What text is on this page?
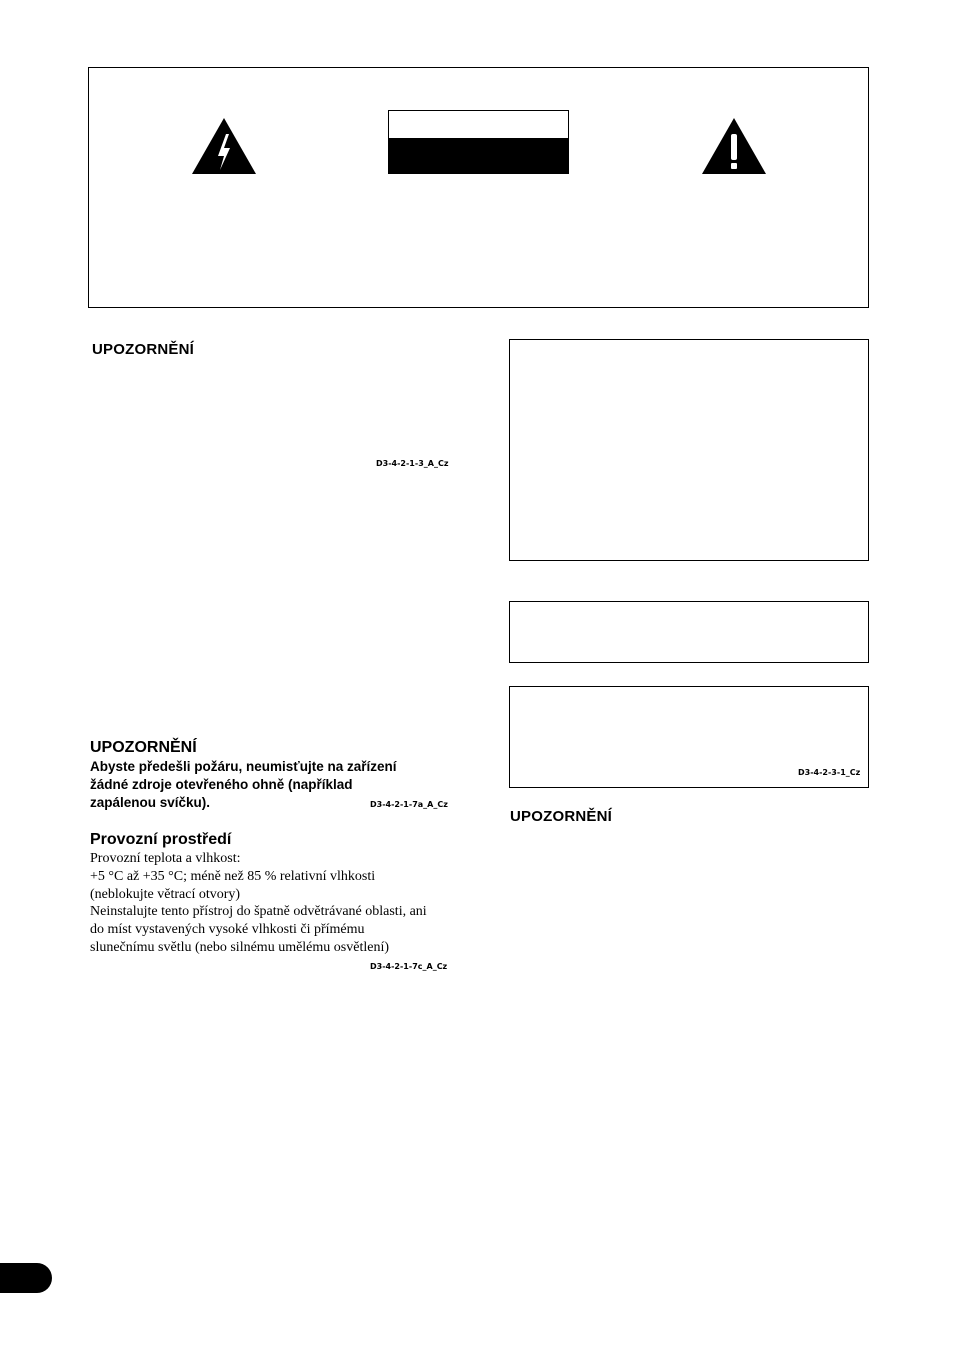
UPOZORNĚNÍ
D3-4-2-1-3_A_Cz
UPOZORNĚNÍ
Abyste předešli požáru, neumisťujte na zařízení
žádné zdroje otevřeného ohně (například
zapálenou svíčku).	D3-4-2-1-7a_A_Cz
Provozní prostředí
Provozní teplota a vlhkost:
+5 °C až +35 °C; méně než 85 % relativní vlhkosti
(neblokujte větrací otvory)
Neinstalujte tento přístroj do špatně odvětrávané oblasti, ani
do míst vystavených vysoké vlhkosti či přímému
slunečnímu světlu (nebo silnému umělému osvětlení)
D3-4-2-1-7c_A_Cz
D3-4-2-3-1_Cz
UPOZORNĚNÍ
